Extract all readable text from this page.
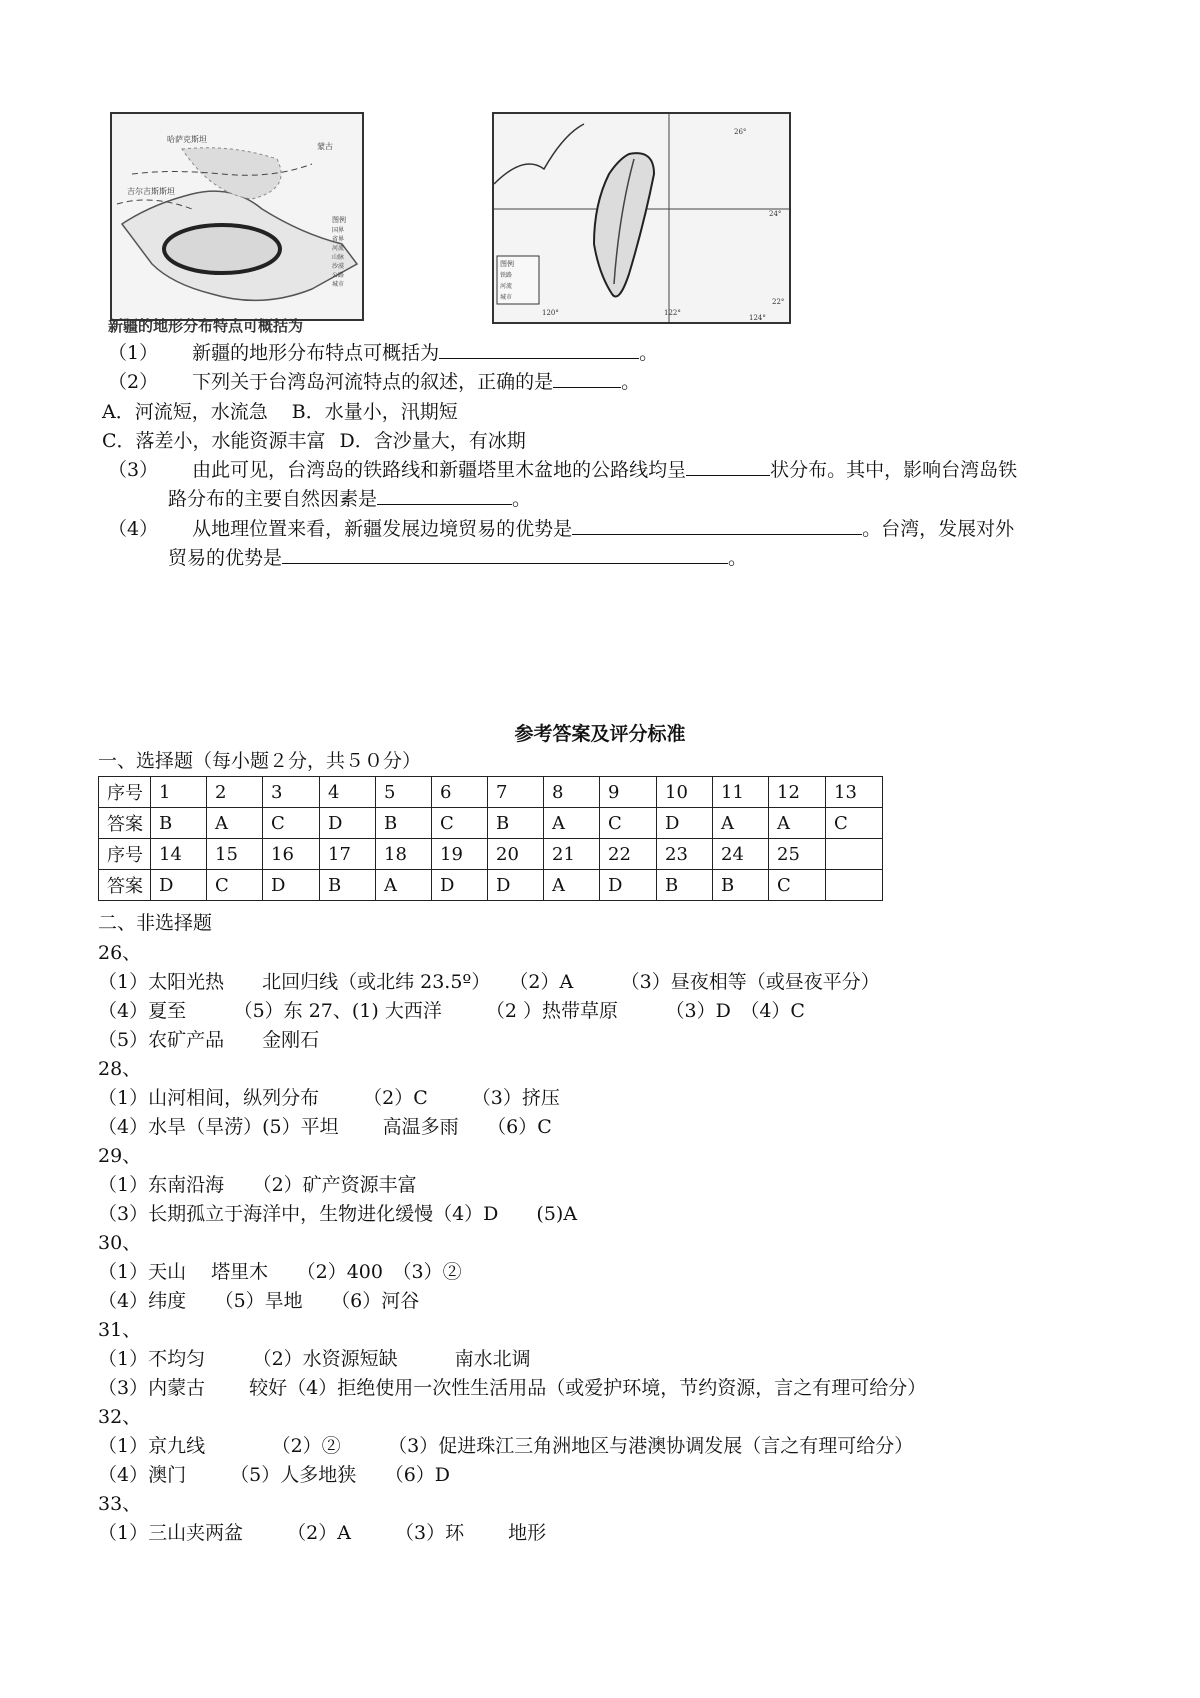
哈萨克斯坦
蒙古
吉尔吉斯斯坦
图例
国界
省界
河流
山脉
沙漠
公路
城市
新疆的地形分布特点可概括为
26°
24°
22°
120°	122°
124°
图例
铁路
河流
城市
（1） 新疆的地形分布特点可概括为	。
（2） 下列关于台湾岛河流特点的叙述，正确的是	。
A．河流短，水流急 B．水量小，汛期短
C．落差小，水能资源丰富 D．含沙量大，有冰期
（3） 由此可见，台湾岛的铁路线和新疆塔里木盆地的公路线均呈	状分布。其中，影响台湾岛铁
路分布的主要自然因素是	。
（4） 从地理位置来看，新疆发展边境贸易的优势是	。台湾，发展对外
贸易的优势是	。
参考答案及评分标准
一、选择题（每小题２分，共５０分）
序号	1	2	3	4	5	6	7	8	9	10	11	12	13
答案	B	A	C	D	B	C	B	A	C	D	A	A	C
序号	14	15	16	17	18	19	20	21	22	23	24	25	
答案	D	C	D	B	A	D	D	A	D	B	B	C	
二、非选择题
26、
（1）太阳光热　　北回归线（或北纬 23.5º）　　（2）A　　　（3）昼夜相等（或昼夜平分）
（4）夏至　　　（5）东 27、(1) 大西洋　　 （2 ）热带草原　　　（3）D　（4）C
（5）农矿产品　　金刚石
28、
（1）山河相间，纵列分布　　 （2）C　　 （3）挤压
（4）水旱（旱涝）(5）平坦　　 高温多雨　　（6）C
29、
（1）东南沿海　　（2）矿产资源丰富
（3）长期孤立于海洋中，生物进化缓慢（4）D　　(5)A
30、
（1）天山　 塔里木　　（2）400　（3）②
（4）纬度　　（5）旱地　　（6）河谷
31、
（1）不均匀　　　（2）水资源短缺　　　南水北调
（3）内蒙古　　 较好（4）拒绝使用一次性生活用品（或爱护环境，节约资源，言之有理可给分）
32、
（1）京九线　　　　（2）②　　　（3）促进珠江三角洲地区与港澳协调发展（言之有理可给分）
（4）澳门　　 （5）人多地狭　　（6）D
33、
（1）三山夹两盆　　 （2）A　　 （3）环　　 地形
